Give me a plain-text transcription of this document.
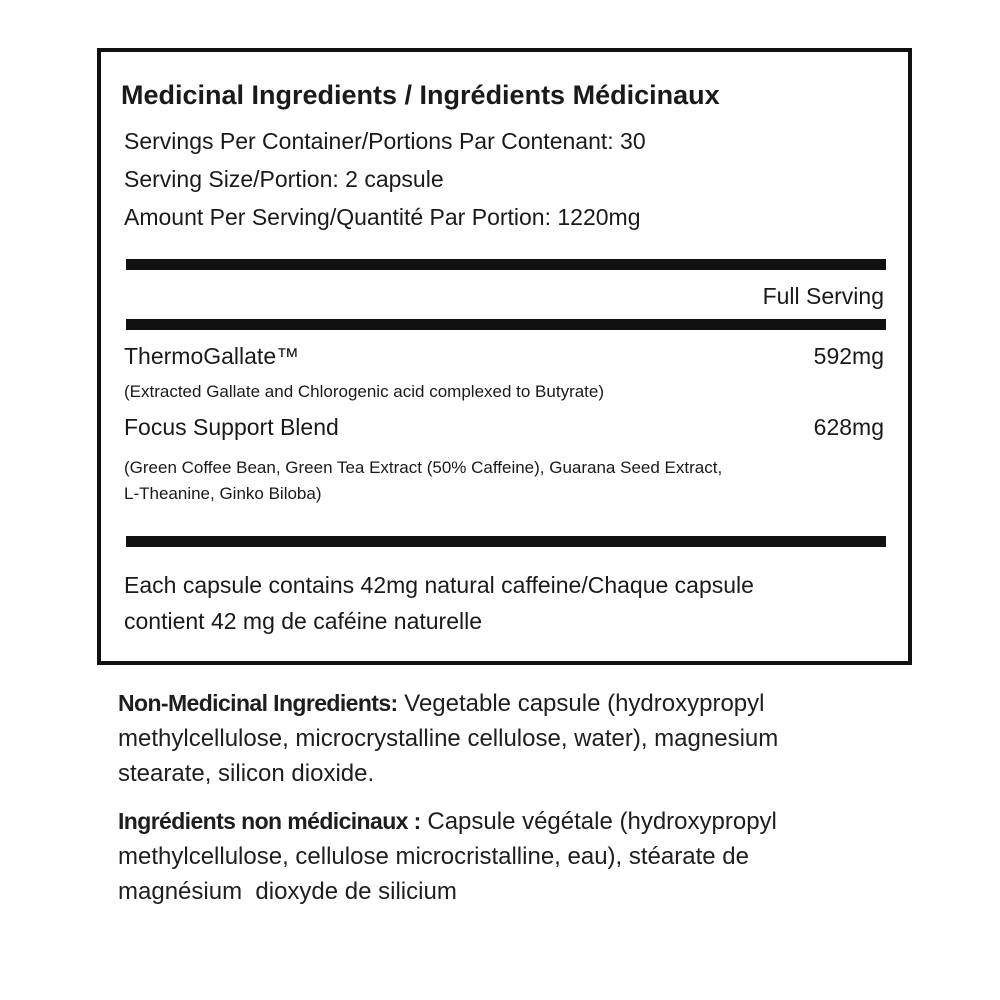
Medicinal Ingredients / Ingrédients Médicinaux
Servings Per Container/Portions Par Contenant: 30
Serving Size/Portion: 2 capsule
Amount Per Serving/Quantité Par Portion: 1220mg
Full Serving
ThermoGallate™	592mg
(Extracted Gallate and Chlorogenic acid complexed to Butyrate)
Focus Support Blend	628mg
(Green Coffee Bean, Green Tea Extract (50% Caffeine), Guarana Seed Extract,
L-Theanine, Ginko Biloba)
Each capsule contains 42mg natural caffeine/Chaque capsule
contient 42 mg de caféine naturelle
Non-Medicinal Ingredients: Vegetable capsule (hydroxypropyl
methylcellulose, microcrystalline cellulose, water), magnesium
stearate, silicon dioxide.
Ingrédients non médicinaux : Capsule végétale (hydroxypropyl
methylcellulose, cellulose microcristalline, eau), stéarate de
magnésium  dioxyde de silicium
